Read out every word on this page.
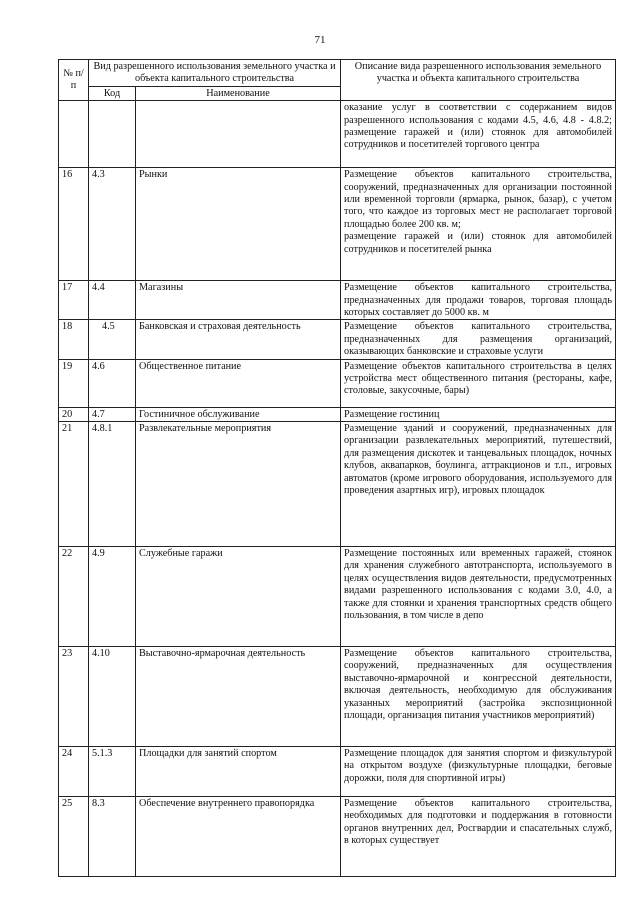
71
№ п/п	Вид разрешенного использования земельного участка и объекта капитального строительства		Описание вида разрешенного использования земельного участка и объекта капитального строительства
	Код	Наименование	
			оказание услуг в соответствии с содержанием видов разрешенного использования с кодами 4.5, 4.6, 4.8 - 4.8.2; размещение гаражей и (или) стоянок для автомобилей сотрудников и посетителей торгового центра
16	4.3	Рынки	Размещение объектов капитального строительства, сооружений, предназначенных для организации постоянной или временной торговли (ярмарка, рынок, базар), с учетом того, что каждое из торговых мест не располагает торговой площадью более 200 кв. м;
размещение гаражей и (или) стоянок для автомобилей сотрудников и посетителей рынка
17	4.4	Магазины	Размещение объектов капитального строительства, предназначенных для продажи товаров, торговая площадь которых составляет до 5000 кв. м
18	4.5	Банковская и страховая деятельность	Размещение объектов капитального строительства, предназначенных для размещения организаций, оказывающих банковские и страховые услуги
19	4.6	Общественное питание	Размещение объектов капитального строительства в целях устройства мест общественного питания (рестораны, кафе, столовые, закусочные, бары)
20	4.7	Гостиничное обслуживание	Размещение гостиниц
21	4.8.1	Развлекательные мероприятия	Размещение зданий и сооружений, предназначенных для организации развлекательных мероприятий, путешествий, для размещения дискотек и танцевальных площадок, ночных клубов, аквапарков, боулинга, аттракционов и т.п., игровых автоматов (кроме игрового оборудования, используемого для проведения азартных игр), игровых площадок
22	4.9	Служебные гаражи	Размещение постоянных или временных гаражей, стоянок для хранения служебного автотранспорта, используемого в целях осуществления видов деятельности, предусмотренных видами разрешенного использования с кодами 3.0, 4.0, а также для стоянки и хранения транспортных средств общего пользования, в том числе в депо
23	4.10	Выставочно-ярмарочная деятельность	Размещение объектов капитального строительства, сооружений, предназначенных для осуществления выставочно-ярмарочной и конгрессной деятельности, включая деятельность, необходимую для обслуживания указанных мероприятий (застройка экспозиционной площади, организация питания участников мероприятий)
24	5.1.3	Площадки для занятий спортом	Размещение площадок для занятия спортом и физкультурой на открытом воздухе (физкультурные площадки, беговые дорожки, поля для спортивной игры)
25	8.3	Обеспечение внутреннего правопорядка	Размещение объектов капитального строительства, необходимых для подготовки и поддержания в готовности органов внутренних дел, Росгвардии и спасательных служб, в которых существует
